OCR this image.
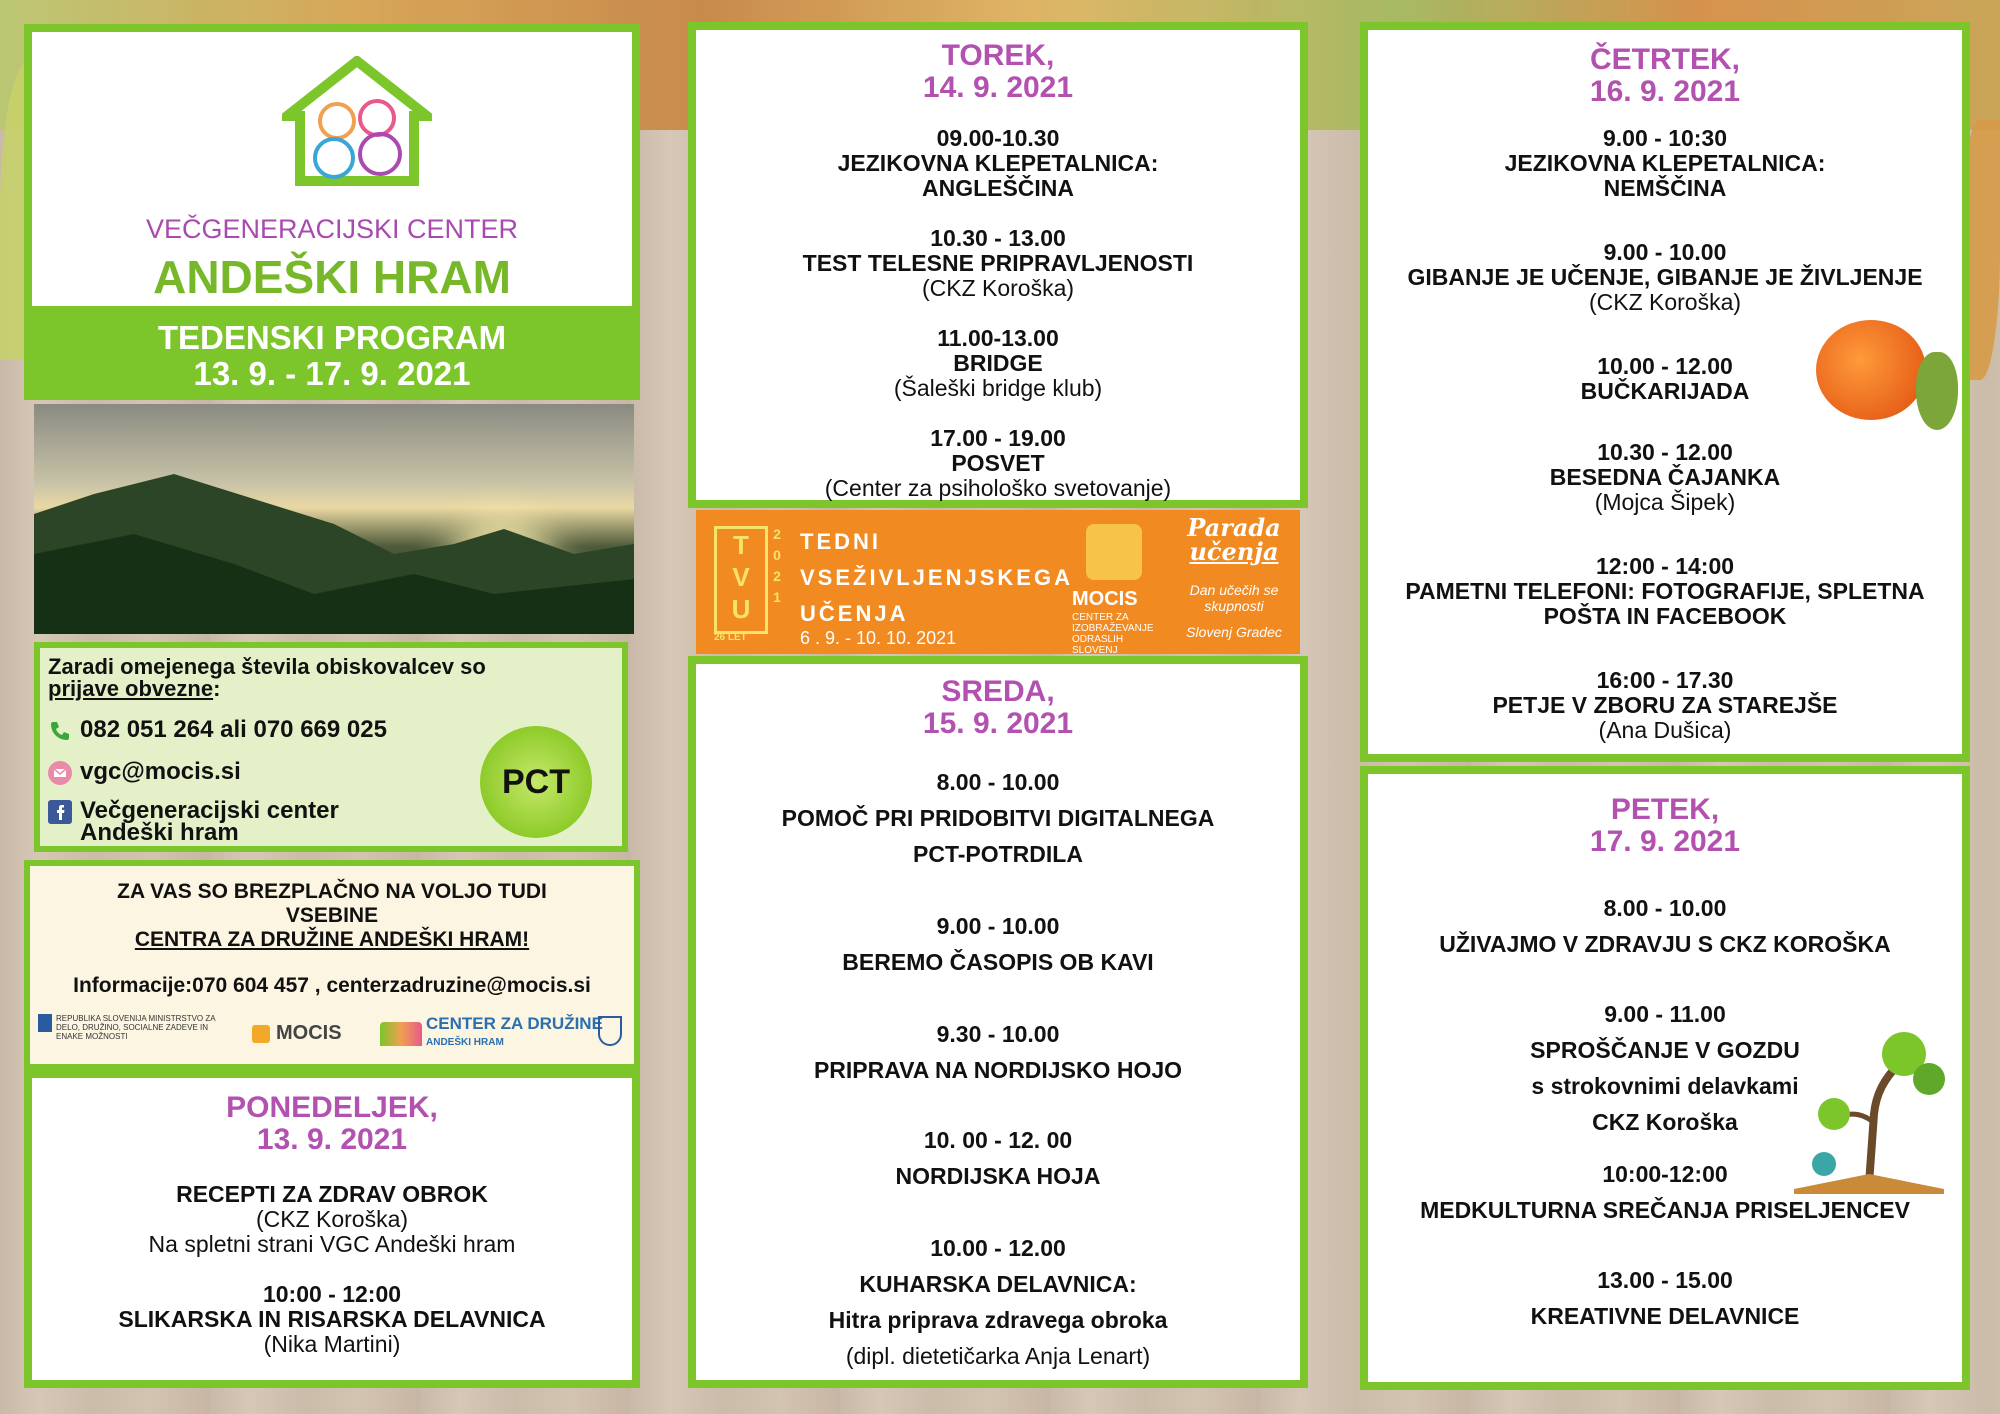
VEČGENERACIJSKI CENTER
ANDEŠKI HRAM
TEDENSKI PROGRAM
13. 9. - 17. 9. 2021
Zaradi omejenega števila obiskovalcev so
prijave obvezne:
082 051 264 ali 070 669 025
vgc@mocis.si
Večgeneracijski center
Andeški hram
PCT
ZA VAS SO BREZPLAČNO NA VOLJO TUDI
VSEBINE
CENTRA ZA DRUŽINE ANDEŠKI HRAM!
Informacije:070 604 457 , centerzadruzine@mocis.si
REPUBLIKA SLOVENIJA MINISTRSTVO ZA DELO, DRUŽINO, SOCIALNE ZADEVE IN ENAKE MOŽNOSTI	MOCIS	CENTER ZA DRUŽINE
ANDEŠKI HRAM
PONEDELJEK,
13. 9. 2021
RECEPTI ZA ZDRAV OBROK
(CKZ Koroška)
Na spletni strani VGC Andeški hram
10:00 - 12:00
SLIKARSKA IN RISARSKA DELAVNICA
(Nika Martini)
TOREK,
14. 9. 2021
09.00-10.30
JEZIKOVNA KLEPETALNICA:
ANGLEŠČINA
10.30 - 13.00
TEST TELESNE PRIPRAVLJENOSTI
(CKZ Koroška)
11.00-13.00
BRIDGE
(Šaleški bridge klub)
17.00 - 19.00
POSVET
(Center za psihološko svetovanje)
T
V
U
26 LET
2
0
2
1
TEDNI
VSEŽIVLJENJSKEGA
UČENJA
6 . 9. - 10. 10. 2021
MOCIS
CENTER ZA IZOBRAŽEVANJE ODRASLIH SLOVENJ
Parada
učenja
Dan učečih se skupnosti
Slovenj Gradec
SREDA,
15. 9. 2021
8.00 - 10.00
POMOČ PRI PRIDOBITVI DIGITALNEGA
PCT-POTRDILA
9.00 - 10.00
BEREMO ČASOPIS OB KAVI
9.30 - 10.00
PRIPRAVA NA NORDIJSKO HOJO
10. 00 - 12. 00
NORDIJSKA HOJA
10.00 - 12.00
KUHARSKA DELAVNICA:
Hitra priprava zdravega obroka
(dipl. dietetičarka Anja Lenart)
ČETRTEK,
16. 9. 2021
9.00 - 10:30
JEZIKOVNA KLEPETALNICA:
NEMŠČINA
9.00 - 10.00
GIBANJE JE UČENJE, GIBANJE JE ŽIVLJENJE
(CKZ Koroška)
10.00 - 12.00
BUČKARIJADA
10.30 - 12.00
BESEDNA ČAJANKA
(Mojca Šipek)
12:00 - 14:00
PAMETNI TELEFONI: FOTOGRAFIJE, SPLETNA
POŠTA IN FACEBOOK
16:00 - 17.30
PETJE V ZBORU ZA STAREJŠE
(Ana Dušica)
PETEK,
17. 9. 2021
8.00 - 10.00
UŽIVAJMO V ZDRAVJU S CKZ KOROŠKA
9.00 - 11.00
SPROŠČANJE V GOZDU
s strokovnimi delavkami
CKZ Koroška
10:00-12:00
MEDKULTURNA SREČANJA PRISELJENCEV
13.00 - 15.00
KREATIVNE DELAVNICE
